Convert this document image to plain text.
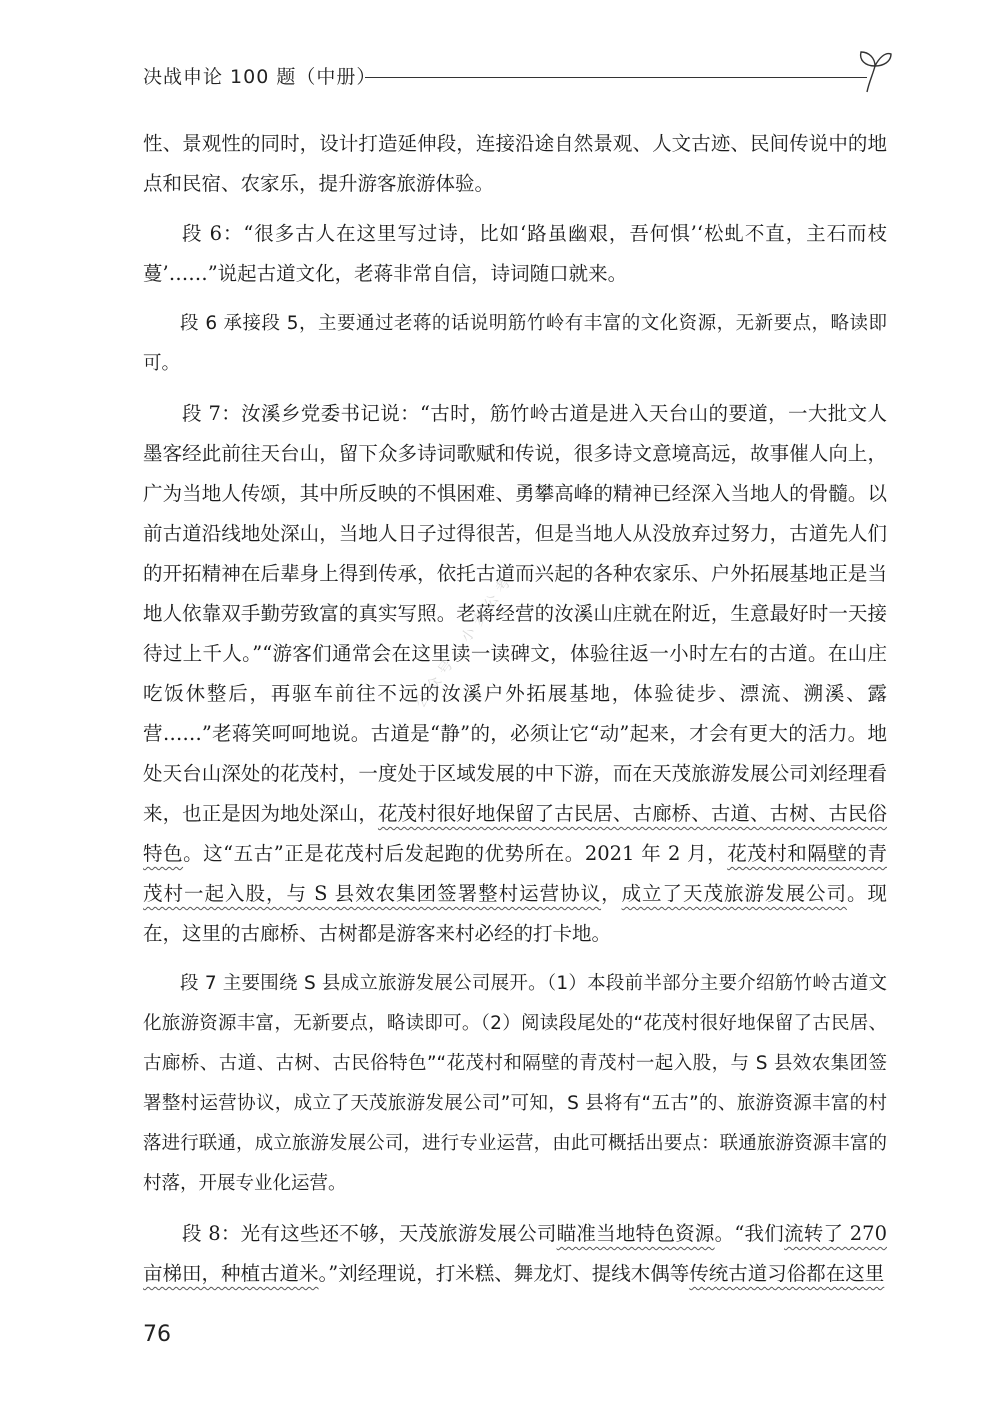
决战申论 100 题（中册）

性、景观性的同时，设计打造延伸段，连接沿途自然景观、人文古迹、民间传说中的地点和民宿、农家乐，提升游客旅游体验。

段 6：“很多古人在这里写过诗，比如‘路虽幽艰，吾何惧’‘松虬不直，主石而枝蔓’……”说起古道文化，老蒋非常自信，诗词随口就来。

段 6 承接段 5，主要通过老蒋的话说明筋竹岭有丰富的文化资源，无新要点，略读即可。

段 7：汝溪乡党委书记说：“古时，筋竹岭古道是进入天台山的要道，一大批文人墨客经此前往天台山，留下众多诗词歌赋和传说，很多诗文意境高远，故事催人向上，广为当地人传颂，其中所反映的不惧困难、勇攀高峰的精神已经深入当地人的骨髓。以前古道沿线地处深山，当地人日子过得很苦，但是当地人从没放弃过努力，古道先人们的开拓精神在后辈身上得到传承，依托古道而兴起的各种农家乐、户外拓展基地正是当地人依靠双手勤劳致富的真实写照。老蒋经营的汝溪山庄就在附近，生意最好时一天接待过上千人。”“游客们通常会在这里读一读碑文，体验往返一小时左右的古道。在山庄吃饭休整后，再驱车前往不远的汝溪户外拓展基地，体验徒步、漂流、溯溪、露营……”老蒋笑呵呵地说。古道是“静”的，必须让它“动”起来，才会有更大的活力。地处天台山深处的花茂村，一度处于区域发展的中下游，而在天茂旅游发展公司刘经理看来，也正是因为地处深山，花茂村很好地保留了古民居、古廊桥、古道、古树、古民俗特色。这“五古”正是花茂村后发起跑的优势所在。2021 年 2 月，花茂村和隔壁的青茂村一起入股，与 S 县效农集团签署整村运营协议，成立了天茂旅游发展公司。现在，这里的古廊桥、古树都是游客来村必经的打卡地。

段 7 主要围绕 S 县成立旅游发展公司展开。（1）本段前半部分主要介绍筋竹岭古道文化旅游资源丰富，无新要点，略读即可。（2）阅读段尾处的“花茂村很好地保留了古民居、古廊桥、古道、古树、古民俗特色”“花茂村和隔壁的青茂村一起入股，与 S 县效农集团签署整村运营协议，成立了天茂旅游发展公司”可知，S 县将有“五古”的、旅游资源丰富的村落进行联通，成立旅游发展公司，进行专业运营，由此可概括出要点：联通旅游资源丰富的村落，开展专业化运营。

段 8：光有这些还不够，天茂旅游发展公司瞄准当地特色资源。“我们流转了 270 亩梯田，种植古道米。”刘经理说，打米糕、舞龙灯、提线木偶等传统古道习俗都在这里

公众号：小麦公考
76
